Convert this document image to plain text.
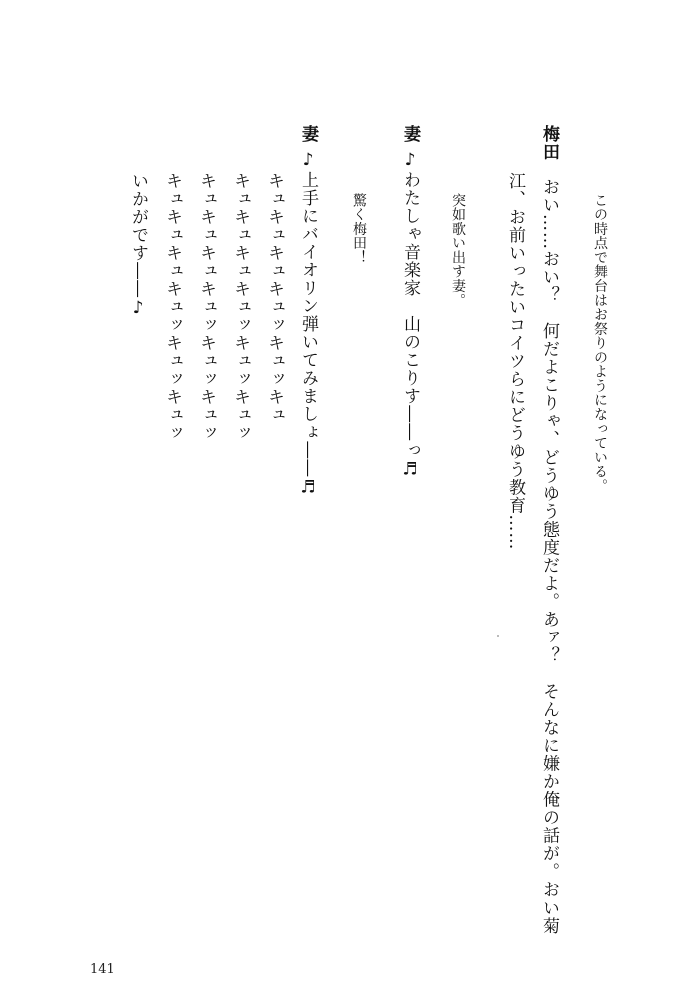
この時点で舞台はお祭りのようになっている。
梅田
おい……おい？　何だよこりゃ、どうゆう態度だよ。あァ？　そんなに嫌か俺の話が。おい菊
江、お前いったいコイツらにどうゆう教育……
突如歌い出す妻。
妻
♪わたしゃ音楽家　山のこりす――っ♬
驚く梅田！
妻
♪上手にバイオリン弾いてみましょ――♬
キュキュキュキュッキュッキュ
キュキュキュキュッキュッキュッ
キュキュキュキュッキュッキュッ
キュキュキュキュッキュッキュッ
いかがです――♪
141
